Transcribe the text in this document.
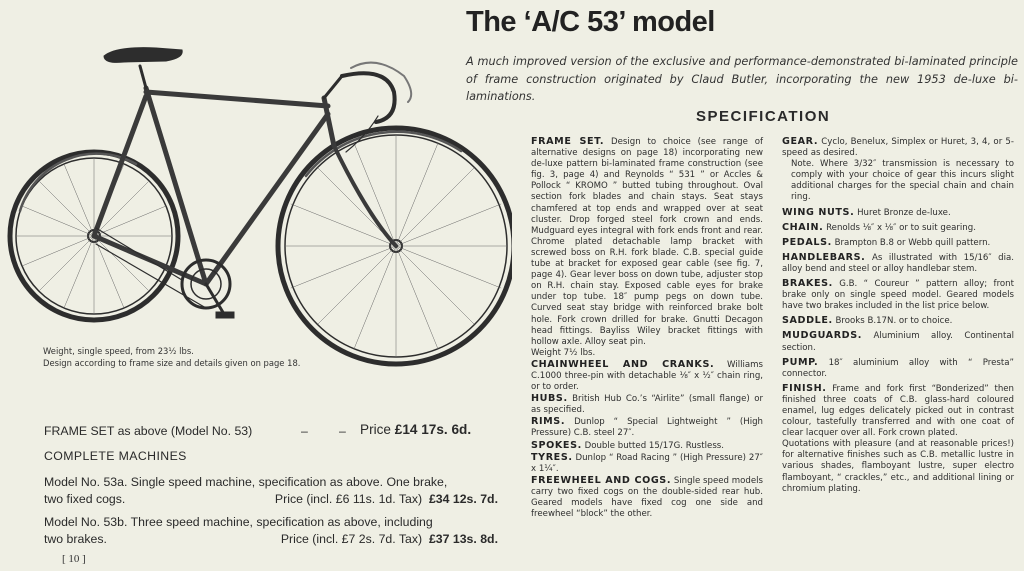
The ‘A/C 53’ model
A much improved version of the exclusive and performance-demonstrated bi-laminated principle of frame construction originated by Claud Butler, incorporating the new 1953 de-luxe bi-laminations.
SPECIFICATION
Weight, single speed, from 23½ lbs.
Design according to frame size and details given on page 18.

FRAME SET. Design to choice (see range of alternative designs on page 18) incorporating new de-luxe pattern bi-laminated frame construction (see fig. 3, page 4) and Reynolds “ 531 ” or Accles & Pollock “ KROMO ” butted tubing throughout. Oval section fork blades and chain stays. Seat stays chamfered at top ends and wrapped over at seat cluster. Drop forged steel fork crown and ends. Mudguard eyes integral with fork ends front and rear. Chrome plated detachable lamp bracket with screwed boss on R.H. fork blade. C.B. special guide tube at bracket for exposed gear cable (see fig. 7, page 4). Gear lever boss on down tube, adjuster stop on R.H. chain stay. Exposed cable eyes for brake under top tube. 18″ pump pegs on down tube. Curved seat stay bridge with reinforced brake bolt hole. Fork crown drilled for brake. Gnutti Decagon head fittings. Bayliss Wiley bracket fittings with hollow axle. Alloy seat pin.

Weight 7½ lbs.

CHAINWHEEL AND CRANKS. Williams C.1000 three-pin with detachable ⅛″ x ½″ chain ring, or to order.

HUBS. British Hub Co.’s “Airlite” (small flange) or as specified.

RIMS. Dunlop “ Special Lightweight ” (High Pressure) C.B. steel 27″.

SPOKES. Double butted 15/17G. Rustless.

TYRES. Dunlop “ Road Racing ” (High Pressure) 27″ x 1¼″.

FREEWHEEL AND COGS. Single speed models carry two fixed cogs on the double-sided rear hub. Geared models have fixed cog one side and freewheel “block” the other.

GEAR. Cyclo, Benelux, Simplex or Huret, 3, 4, or 5-speed as desired.

Note. Where 3/32″ transmission is necessary to comply with your choice of gear this incurs slight additional charges for the special chain and chain ring.

WING NUTS. Huret Bronze de-luxe.

CHAIN. Renolds ⅛″ x ⅛″ or to suit gearing.

PEDALS. Brampton B.8 or Webb quill pattern.

HANDLEBARS. As illustrated with 15/16″ dia. alloy bend and steel or alloy handlebar stem.

BRAKES. G.B. “ Coureur ” pattern alloy; front brake only on single speed model. Geared models have two brakes included in the list price below.

SADDLE. Brooks B.17N. or to choice.

MUDGUARDS. Aluminium alloy. Continental section.

PUMP. 18″ aluminium alloy with “ Presta” connector.

FINISH. Frame and fork first “Bonderized” then finished three coats of C.B. glass-hard coloured enamel, lug edges delicately picked out in contrast colour, tastefully transferred and with one coat of clear lacquer over all. Fork crown plated.

Quotations with pleasure (and at reasonable prices!) for alternative finishes such as C.B. metallic lustre in various shades, flamboyant lustre, super electro flamboyant, “ crackles,” etc., and additional lining or chromium plating.

FRAME SET as above (Model No. 53)	–	– Price £14 17s. 6d.
COMPLETE MACHINES
Model No. 53a. Single speed machine, specification as above. One brake,
two fixed cogs.	Price (incl. £6 11s. 1d. Tax) £34 12s. 7d.
Model No. 53b. Three speed machine, specification as above, including
two brakes.	Price (incl. £7 2s. 7d. Tax) £37 13s. 8d.
[ 10 ]
